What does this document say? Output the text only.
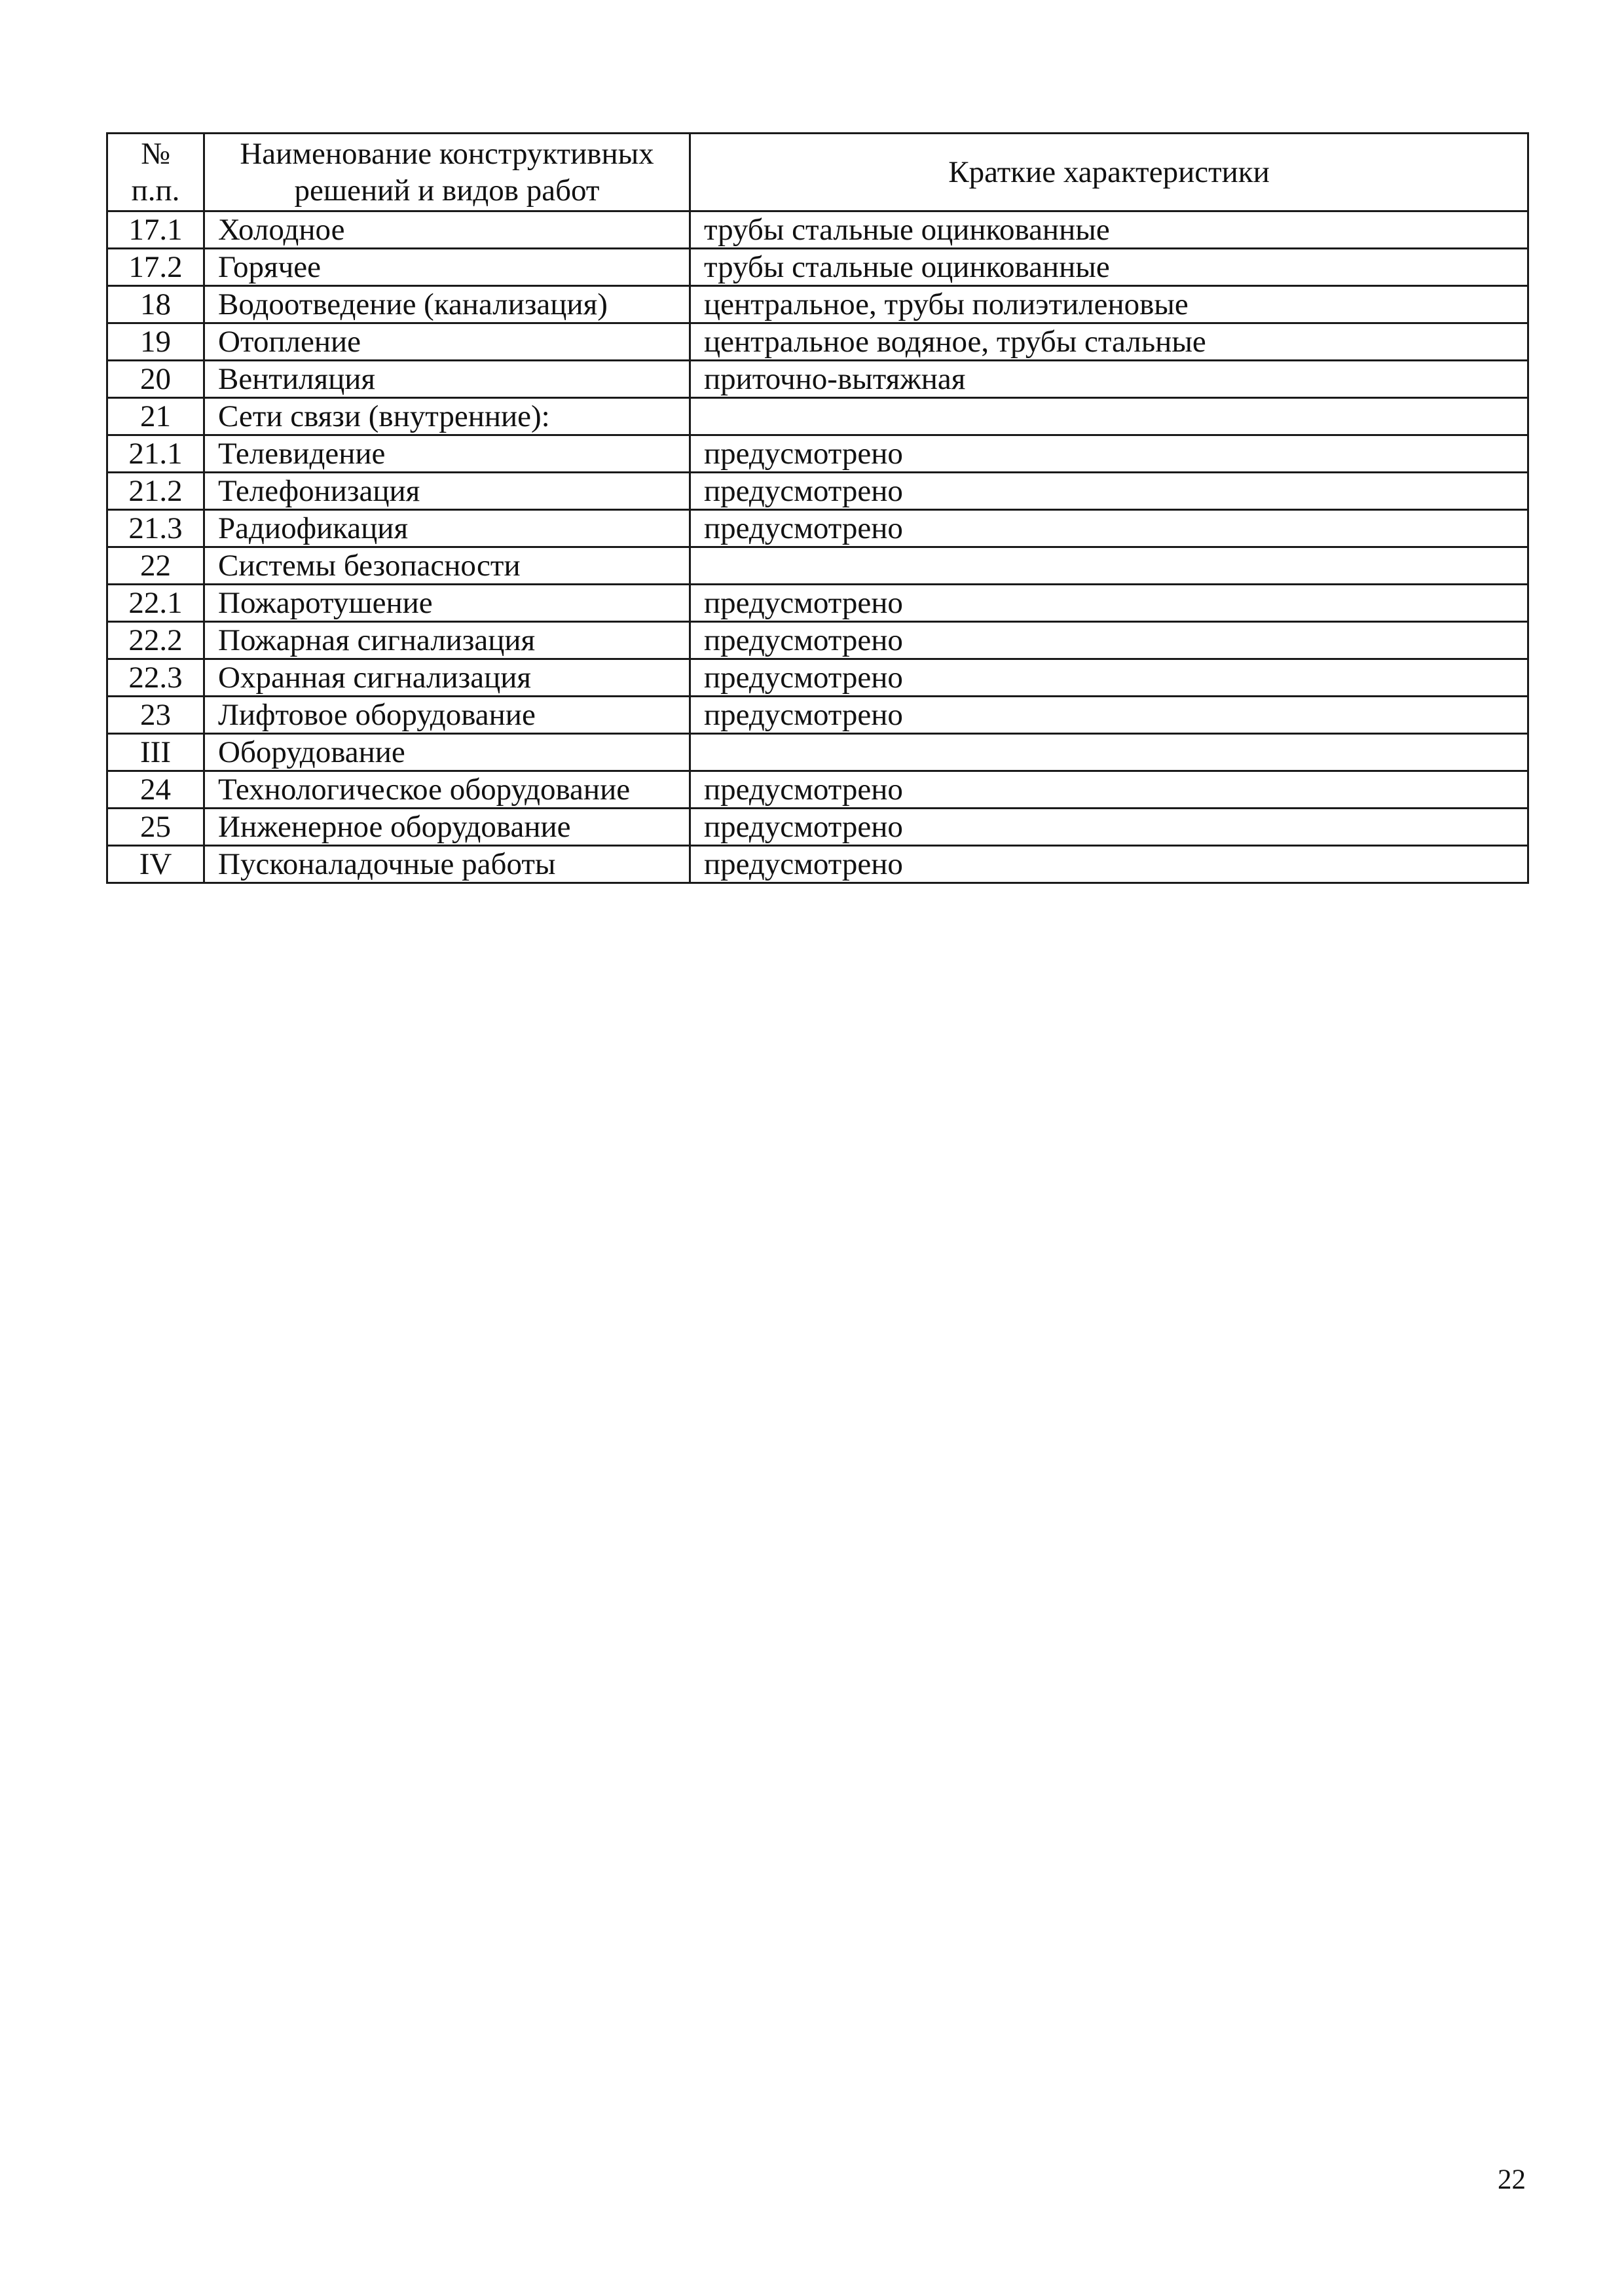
№ п.п.	Наименование конструктивных решений и видов работ	Краткие характеристики
17.1	Холодное	трубы стальные оцинкованные
17.2	Горячее	трубы стальные оцинкованные
18	Водоотведение (канализация)	центральное, трубы полиэтиленовые
19	Отопление	центральное водяное, трубы стальные
20	Вентиляция	приточно-вытяжная
21	Сети связи (внутренние):	
21.1	Телевидение	предусмотрено
21.2	Телефонизация	предусмотрено
21.3	Радиофикация	предусмотрено
22	Системы безопасности	
22.1	Пожаротушение	предусмотрено
22.2	Пожарная сигнализация	предусмотрено
22.3	Охранная сигнализация	предусмотрено
23	Лифтовое оборудование	предусмотрено
III	Оборудование	
24	Технологическое оборудование	предусмотрено
25	Инженерное оборудование	предусмотрено
IV	Пусконаладочные работы	предусмотрено
22
